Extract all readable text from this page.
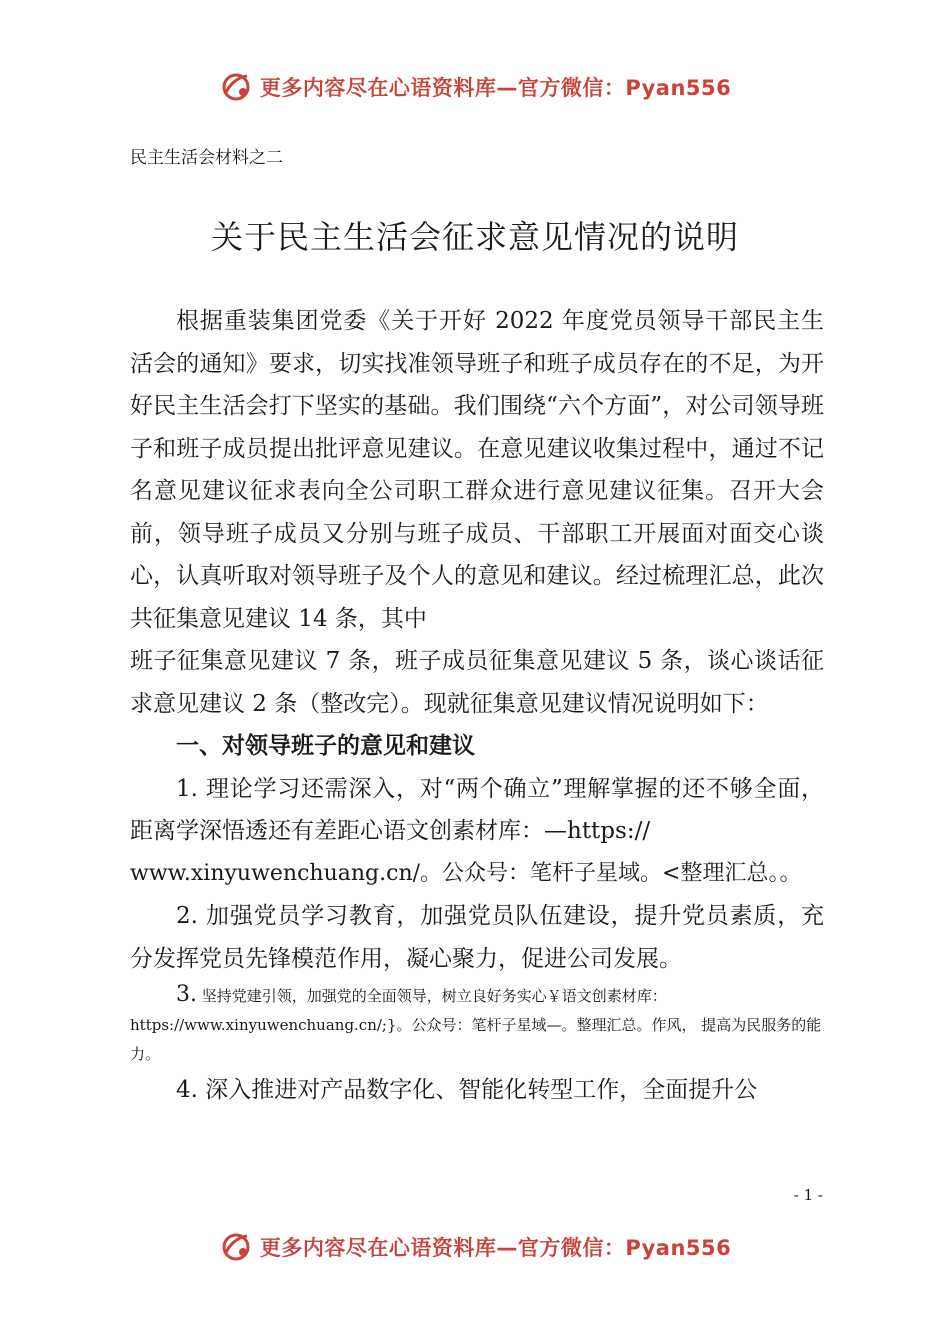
更多内容尽在心语资料库—官方微信：Pyan556
民主生活会材料之二
关于民主生活会征求意见情况的说明

根据重装集团党委《关于开好 2022 年度党员领导干部民主生活会的通知》要求，切实找准领导班子和班子成员存在的不足，为开好民主生活会打下坚实的基础。我们围绕“六个方面”，对公司领导班子和班子成员提出批评意见建议。在意见建议收集过程中，通过不记名意见建议征求表向全公司职工群众进行意见建议征集。召开大会前，领导班子成员又分别与班子成员、干部职工开展面对面交心谈心，认真听取对领导班子及个人的意见和建议。经过梳理汇总，此次共征集意见建议 14 条，其中

班子征集意见建议 7 条，班子成员征集意见建议 5 条，谈心谈话征求意见建议 2 条（整改完）。现就征集意见建议情况说明如下：

一、对领导班子的意见和建议

1. 理论学习还需深入，对“两个确立”理解掌握的还不够全面，距离学深悟透还有差距心语文创素材库：—https://

www.xinyuwenchuang.cn/。公众号：笔杆子星域。<整理汇总。。

2. 加强党员学习教育，加强党员队伍建设，提升党员素质，充分发挥党员先锋模范作用，凝心聚力，促进公司发展。

3. 坚持党建引领，加强党的全面领导，树立良好务实心￥语文创素材库：

https://www.xinyuwenchuang.cn/;}。公众号：笔杆子星域—。整理汇总。作风， 提高为民服务的能力。

4. 深入推进对产品数字化、智能化转型工作，全面提升公

- 1 -
更多内容尽在心语资料库—官方微信：Pyan556
